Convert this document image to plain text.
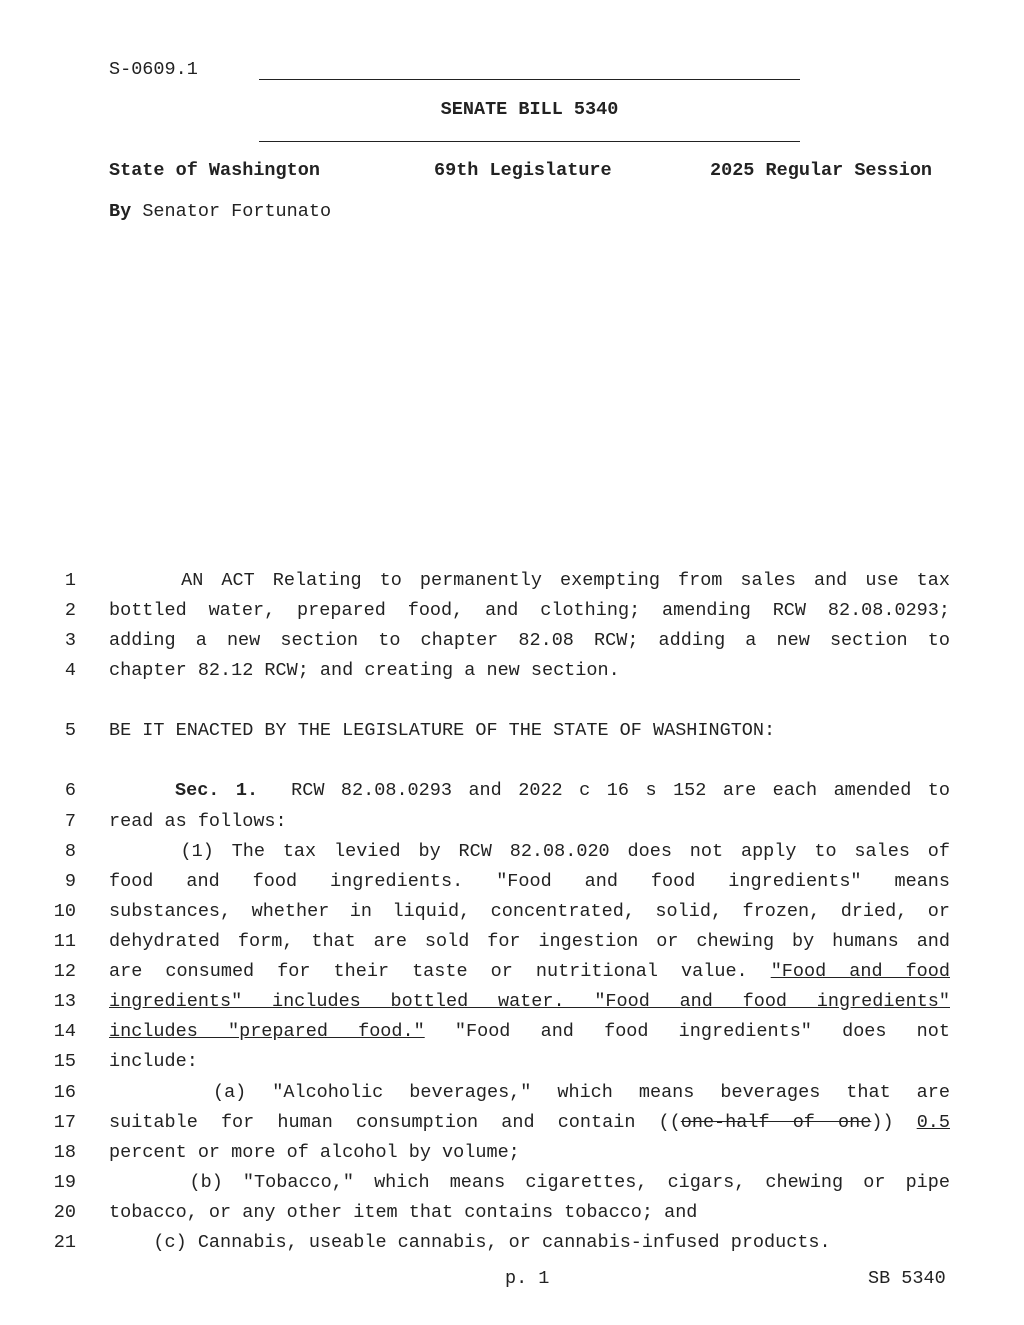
S-0609.1
SENATE BILL 5340
State of Washington	69th Legislature	2025 Regular Session
By Senator Fortunato
1 AN ACT Relating to permanently exempting from sales and use tax
2 bottled water, prepared food, and clothing; amending RCW 82.08.0293;
3 adding a new section to chapter 82.08 RCW; adding a new section to
4 chapter 82.12 RCW; and creating a new section.
5 BE IT ENACTED BY THE LEGISLATURE OF THE STATE OF WASHINGTON:
6	Sec. 1.  RCW 82.08.0293 and 2022 c 16 s 152 are each amended to
7 read as follows:
8 (1) The tax levied by RCW 82.08.020 does not apply to sales of
9 food and food ingredients. "Food and food ingredients" means
10 substances, whether in liquid, concentrated, solid, frozen, dried, or
11 dehydrated form, that are sold for ingestion or chewing by humans and
12 are consumed for their taste or nutritional value. "Food and food
13 ingredients" includes bottled water. "Food and food ingredients"
14 includes "prepared food." "Food and food ingredients" does not
15 include:
16 (a) "Alcoholic beverages," which means beverages that are
17 suitable for human consumption and contain ((one-half of one)) 0.5
18 percent or more of alcohol by volume;
19 (b) "Tobacco," which means cigarettes, cigars, chewing or pipe
20 tobacco, or any other item that contains tobacco; and
21 (c) Cannabis, useable cannabis, or cannabis-infused products.
p. 1	SB 5340
